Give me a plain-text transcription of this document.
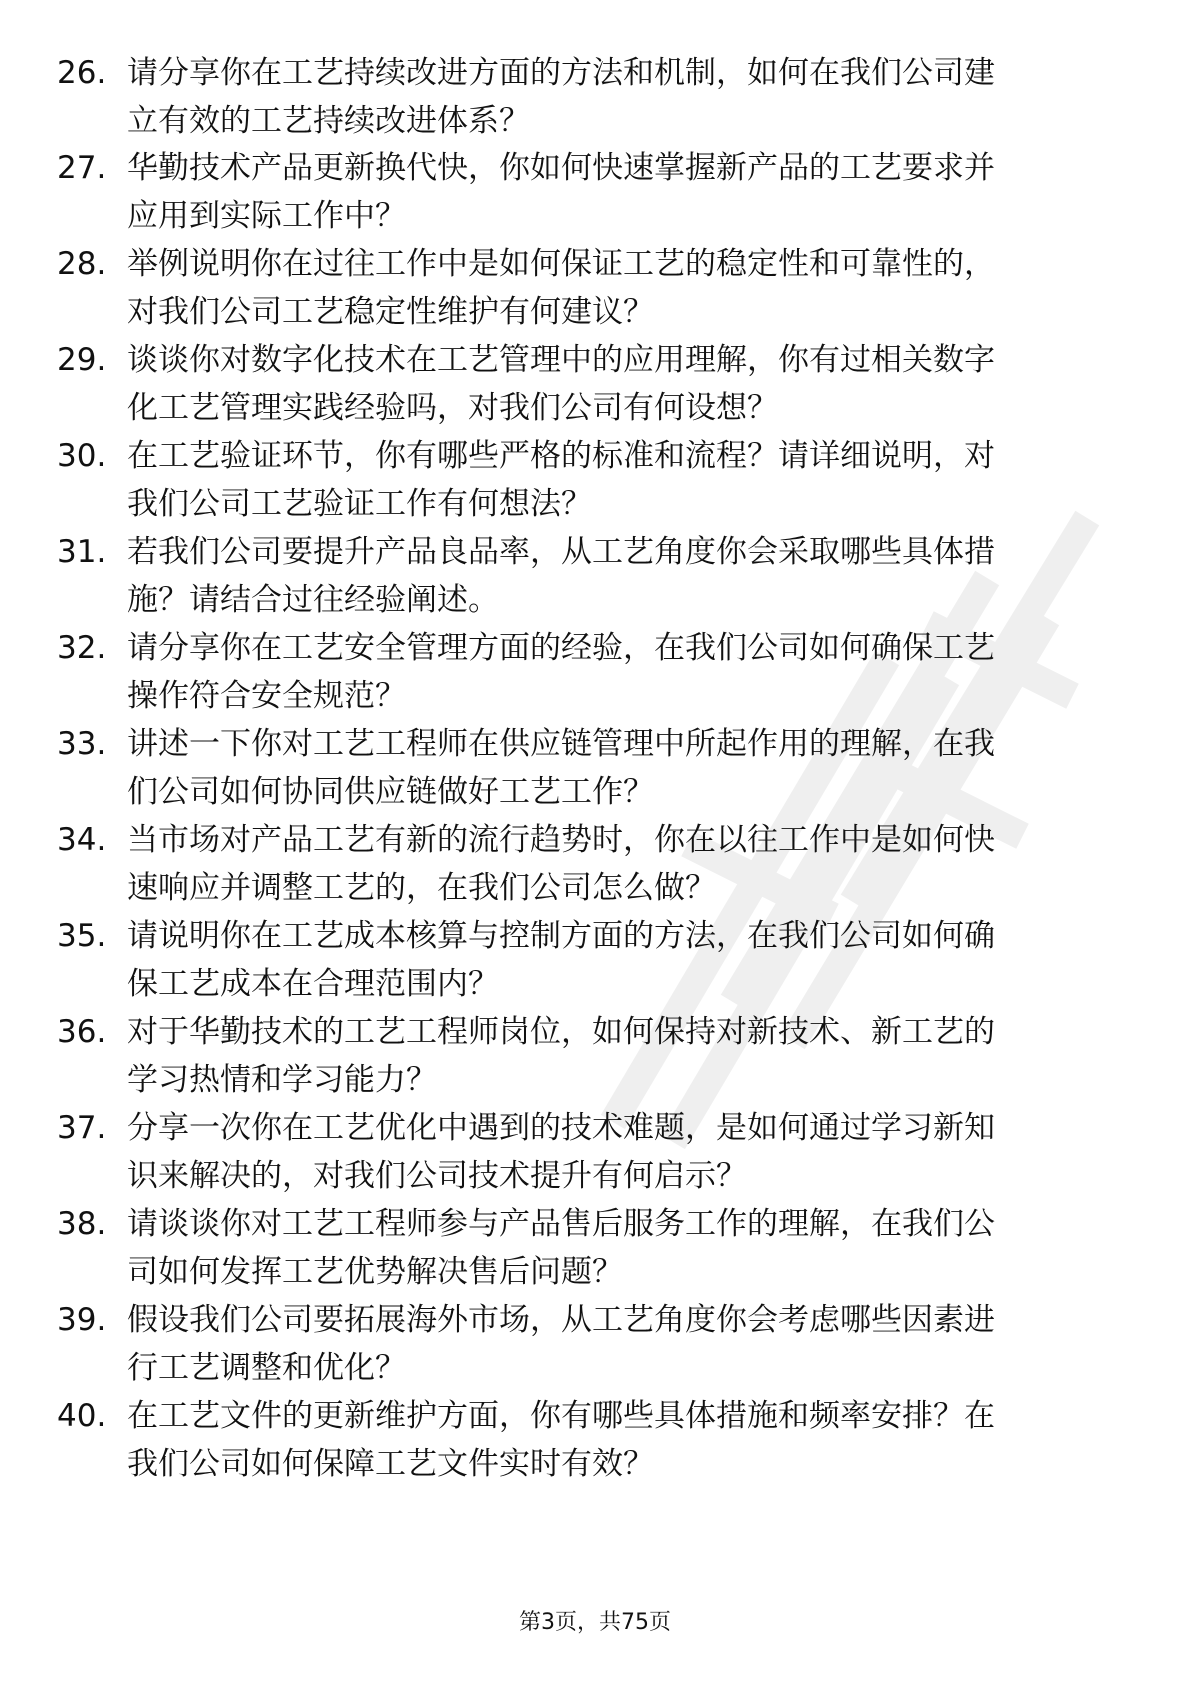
26. 请分享你在工艺持续改进方面的方法和机制，如何在我们公司建
立有效的工艺持续改进体系？
27. 华勤技术产品更新换代快，你如何快速掌握新产品的工艺要求并
应用到实际工作中？
28. 举例说明你在过往工作中是如何保证工艺的稳定性和可靠性的，
对我们公司工艺稳定性维护有何建议？
29. 谈谈你对数字化技术在工艺管理中的应用理解，你有过相关数字
化工艺管理实践经验吗，对我们公司有何设想？
30. 在工艺验证环节，你有哪些严格的标准和流程？请详细说明，对
我们公司工艺验证工作有何想法？
31. 若我们公司要提升产品良品率，从工艺角度你会采取哪些具体措
施？请结合过往经验阐述。
32. 请分享你在工艺安全管理方面的经验，在我们公司如何确保工艺
操作符合安全规范？
33. 讲述一下你对工艺工程师在供应链管理中所起作用的理解，在我
们公司如何协同供应链做好工艺工作？
34. 当市场对产品工艺有新的流行趋势时，你在以往工作中是如何快
速响应并调整工艺的，在我们公司怎么做？
35. 请说明你在工艺成本核算与控制方面的方法，在我们公司如何确
保工艺成本在合理范围内？
36. 对于华勤技术的工艺工程师岗位，如何保持对新技术、新工艺的
学习热情和学习能力？
37. 分享一次你在工艺优化中遇到的技术难题，是如何通过学习新知
识来解决的，对我们公司技术提升有何启示？
38. 请谈谈你对工艺工程师参与产品售后服务工作的理解，在我们公
司如何发挥工艺优势解决售后问题？
39. 假设我们公司要拓展海外市场，从工艺角度你会考虑哪些因素进
行工艺调整和优化？
40. 在工艺文件的更新维护方面，你有哪些具体措施和频率安排？在
我们公司如何保障工艺文件实时有效？
第3页，共75页
